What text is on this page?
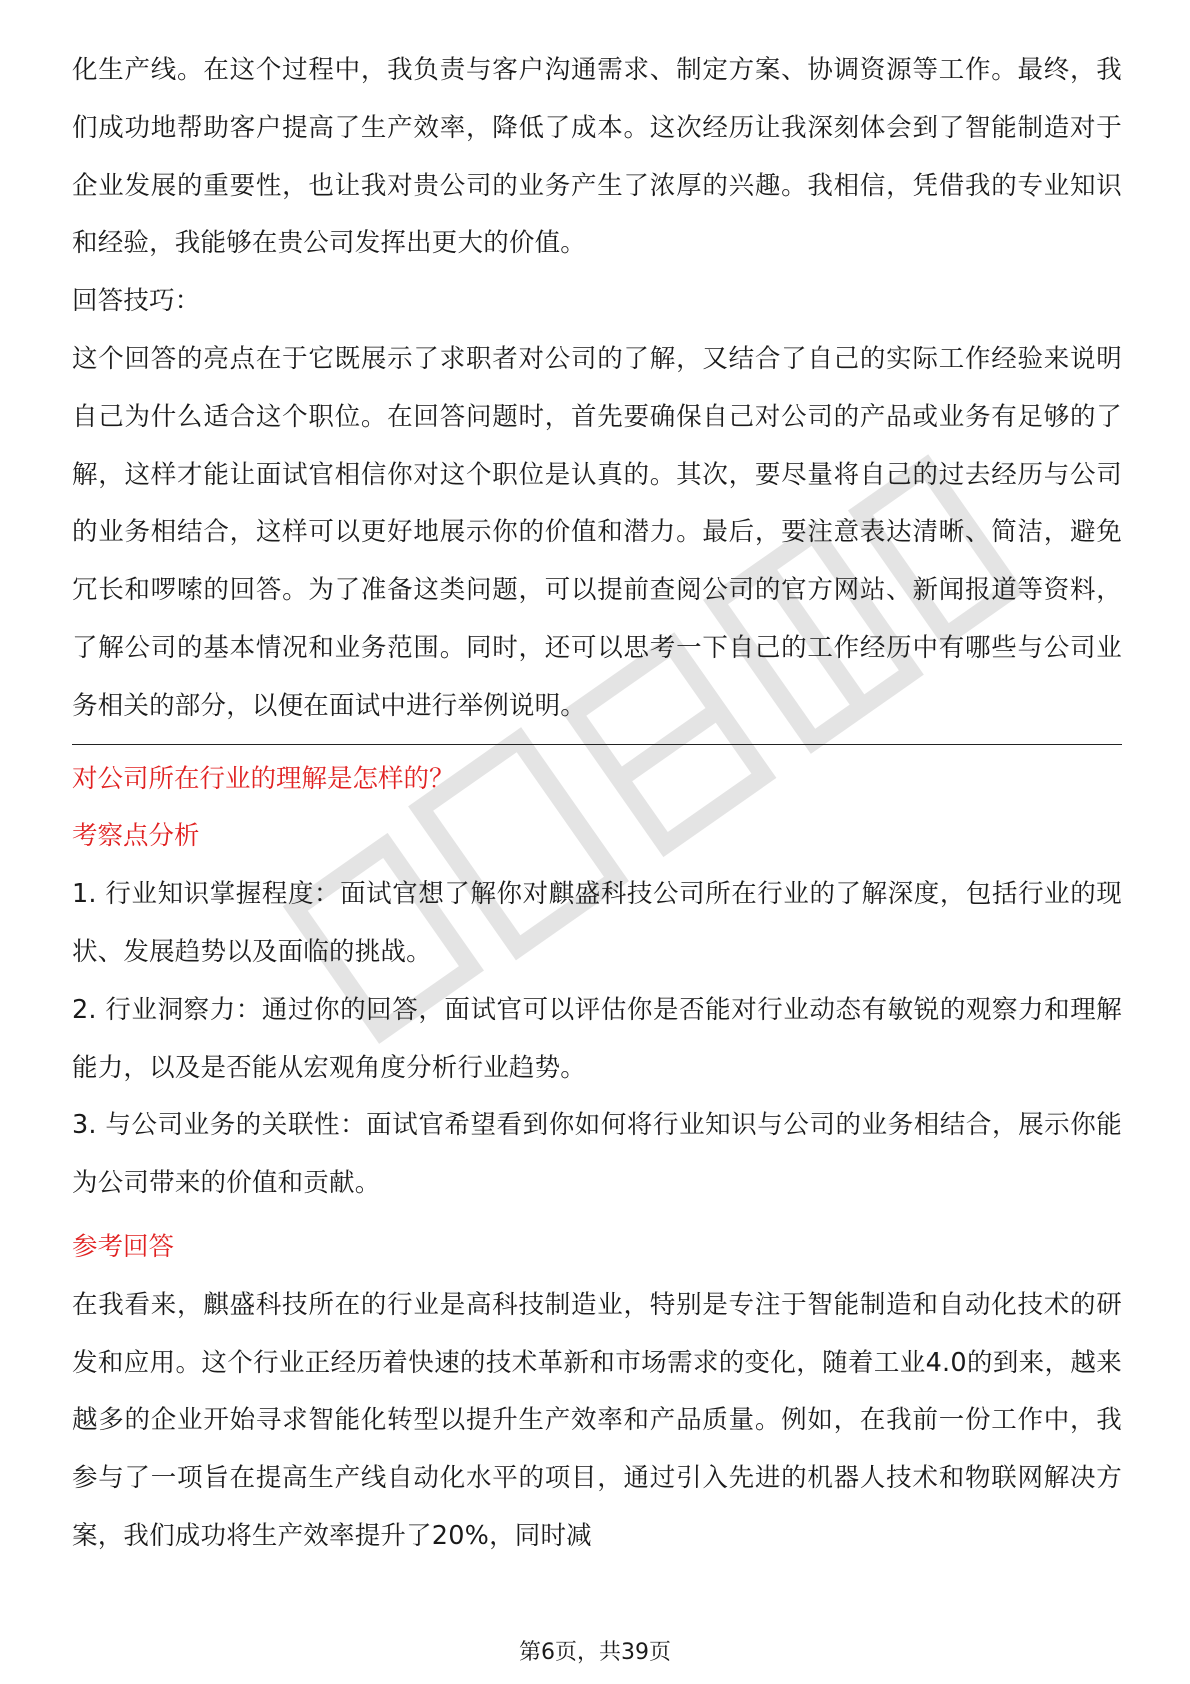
化生产线。在这个过程中，我负责与客户沟通需求、制定方案、协调资源等工作。最终，我们成功地帮助客户提高了生产效率，降低了成本。这次经历让我深刻体会到了智能制造对于企业发展的重要性，也让我对贵公司的业务产生了浓厚的兴趣。我相信，凭借我的专业知识和经验，我能够在贵公司发挥出更大的价值。

回答技巧：

这个回答的亮点在于它既展示了求职者对公司的了解，又结合了自己的实际工作经验来说明自己为什么适合这个职位。在回答问题时，首先要确保自己对公司的产品或业务有足够的了解，这样才能让面试官相信你对这个职位是认真的。其次，要尽量将自己的过去经历与公司的业务相结合，这样可以更好地展示你的价值和潜力。最后，要注意表达清晰、简洁，避免冗长和啰嗦的回答。为了准备这类问题，可以提前查阅公司的官方网站、新闻报道等资料，了解公司的基本情况和业务范围。同时，还可以思考一下自己的工作经历中有哪些与公司业务相关的部分，以便在面试中进行举例说明。

对公司所在行业的理解是怎样的？

考察点分析

1. 行业知识掌握程度：面试官想了解你对麒盛科技公司所在行业的了解深度，包括行业的现状、发展趋势以及面临的挑战。

2. 行业洞察力：通过你的回答，面试官可以评估你是否能对行业动态有敏锐的观察力和理解能力，以及是否能从宏观角度分析行业趋势。

3. 与公司业务的关联性：面试官希望看到你如何将行业知识与公司的业务相结合，展示你能为公司带来的价值和贡献。

参考回答

在我看来，麒盛科技所在的行业是高科技制造业，特别是专注于智能制造和自动化技术的研发和应用。这个行业正经历着快速的技术革新和市场需求的变化，随着工业4.0的到来，越来越多的企业开始寻求智能化转型以提升生产效率和产品质量。例如，在我前一份工作中，我参与了一项旨在提高生产线自动化水平的项目，通过引入先进的机器人技术和物联网解决方案，我们成功将生产效率提升了20%，同时减

第6页，共39页
